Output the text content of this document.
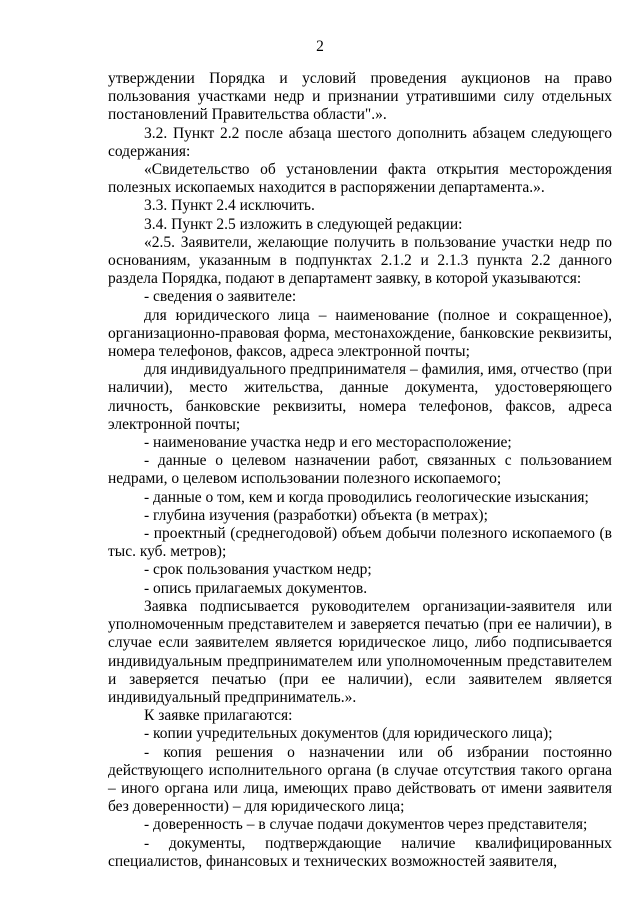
2

утверждении Порядка и условий проведения аукционов на право пользования участками недр и признании утратившими силу отдельных постановлений Правительства области".».

3.2. Пункт 2.2 после абзаца шестого дополнить абзацем следующего содержания:

«Свидетельство об установлении факта открытия месторождения полезных ископаемых находится в распоряжении департамента.».

3.3. Пункт 2.4 исключить.

3.4. Пункт 2.5 изложить в следующей редакции:

«2.5. Заявители, желающие получить в пользование участки недр по основаниям, указанным в подпунктах 2.1.2 и 2.1.3 пункта 2.2 данного раздела Порядка, подают в департамент заявку, в которой указываются:

- сведения о заявителе:

для юридического лица – наименование (полное и сокращенное), организационно-правовая форма, местонахождение, банковские реквизиты, номера телефонов, факсов, адреса электронной почты;

для индивидуального предпринимателя – фамилия, имя, отчество (при наличии), место жительства, данные документа, удостоверяющего личность, банковские реквизиты, номера телефонов, факсов, адреса электронной почты;

- наименование участка недр и его месторасположение;

- данные о целевом назначении работ, связанных с пользованием недрами, о целевом использовании полезного ископаемого;

- данные о том, кем и когда проводились геологические изыскания;

- глубина изучения (разработки) объекта (в метрах);

- проектный (среднегодовой) объем добычи полезного ископаемого (в тыс. куб. метров);

- срок пользования участком недр;

- опись прилагаемых документов.

Заявка подписывается руководителем организации-заявителя или уполномоченным представителем и заверяется печатью (при ее наличии), в случае если заявителем является юридическое лицо, либо подписывается индивидуальным предпринимателем или уполномоченным представителем и заверяется печатью (при ее наличии), если заявителем является индивидуальный предприниматель.».

К заявке прилагаются:

- копии учредительных документов (для юридического лица);

- копия решения о назначении или об избрании постоянно действующего исполнительного органа (в случае отсутствия такого органа – иного органа или лица, имеющих право действовать от имени заявителя без доверенности) – для юридического лица;

- доверенность – в случае подачи документов через представителя;

- документы, подтверждающие наличие квалифицированных специалистов, финансовых и технических возможностей заявителя,
